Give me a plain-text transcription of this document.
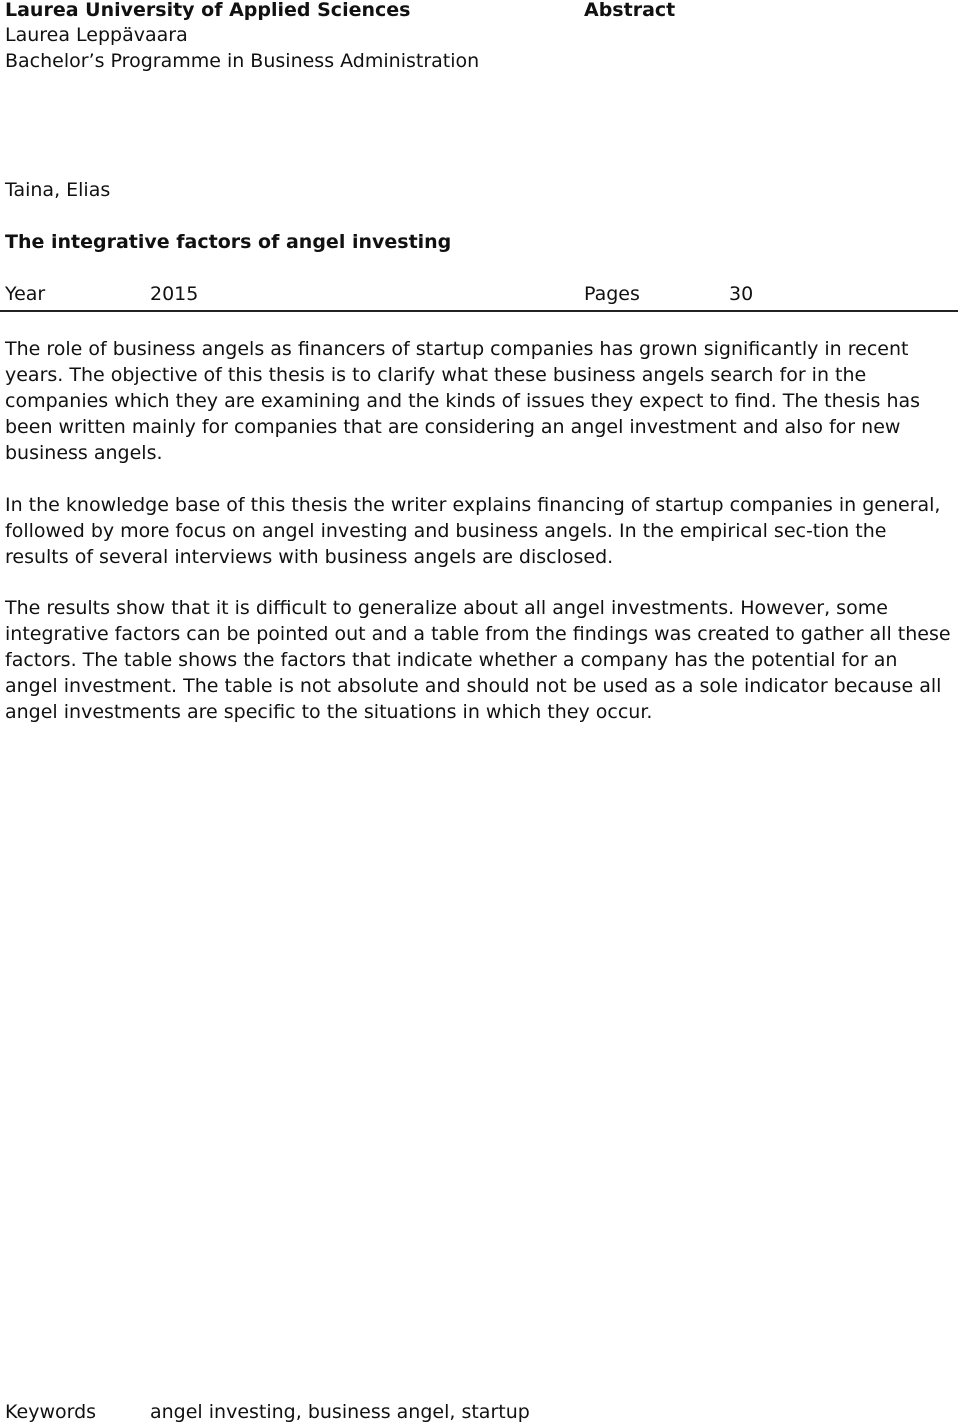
Laurea University of Applied Sciences
Laurea Leppävaara
Bachelor’s Programme in Business Administration
Abstract
Taina, Elias
The integrative factors of angel investing
Year	2015	Pages	30

The role of business angels as financers of startup companies has grown significantly in recent years. The objective of this thesis is to clarify what these business angels search for in the companies which they are examining and the kinds of issues they expect to find. The thesis has been written mainly for companies that are considering an angel investment and also for new business angels.

In the knowledge base of this thesis the writer explains financing of startup companies in general, followed by more focus on angel investing and business angels. In the empirical sec-tion the results of several interviews with business angels are disclosed.

The results show that it is difficult to generalize about all angel investments. However, some integrative factors can be pointed out and a table from the findings was created to gather all these factors. The table shows the factors that indicate whether a company has the potential for an angel investment. The table is not absolute and should not be used as a sole indicator because all angel investments are specific to the situations in which they occur.

Keywords	angel investing, business angel, startup
